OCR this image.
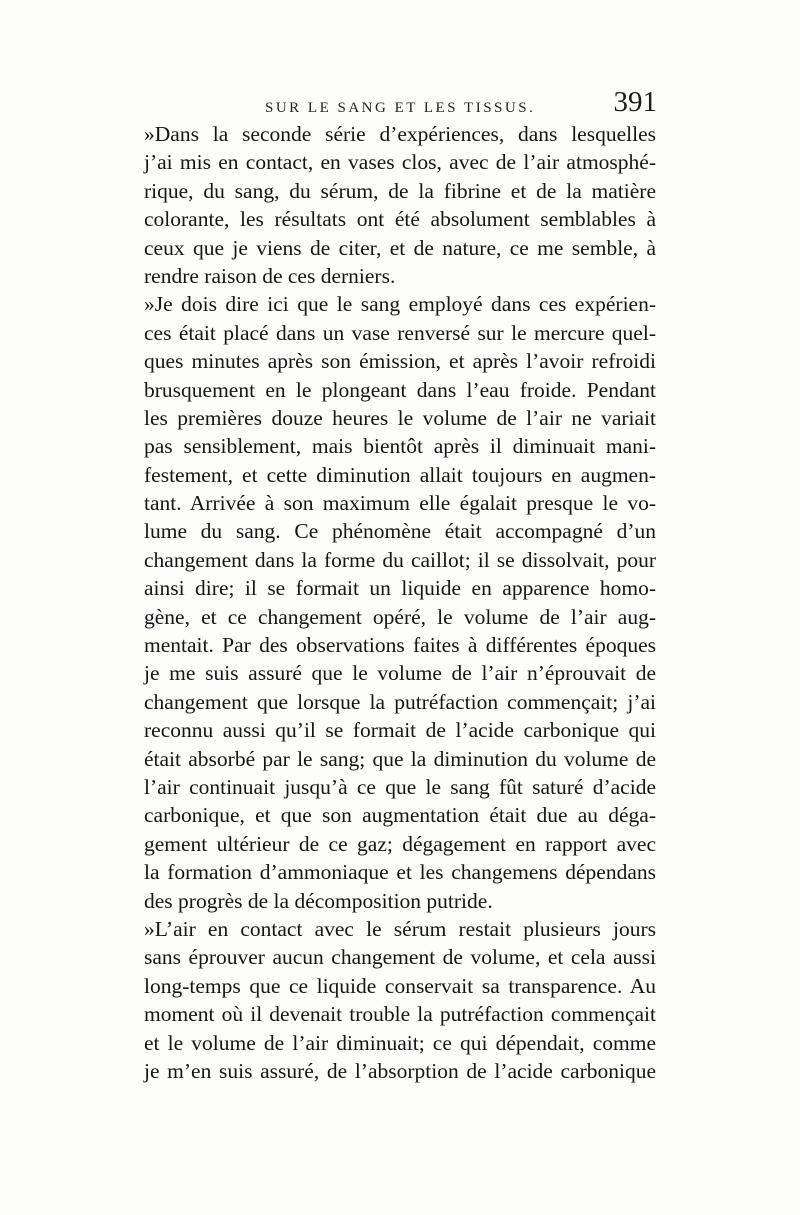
SUR LE SANG ET LES TISSUS.	391
»Dans la seconde série d’expériences, dans lesquelles
j’ai mis en contact, en vases clos, avec de l’air atmosphé-
rique, du sang, du sérum, de la fibrine et de la matière
colorante, les résultats ont été absolument semblables à
ceux que je viens de citer, et de nature, ce me semble, à
rendre raison de ces derniers.
»Je dois dire ici que le sang employé dans ces expérien-
ces était placé dans un vase renversé sur le mercure quel-
ques minutes après son émission, et après l’avoir refroidi
brusquement en le plongeant dans l’eau froide. Pendant
les premières douze heures le volume de l’air ne variait
pas sensiblement, mais bientôt après il diminuait mani-
festement, et cette diminution allait toujours en augmen-
tant. Arrivée à son maximum elle égalait presque le vo-
lume du sang. Ce phénomène était accompagné d’un
changement dans la forme du caillot; il se dissolvait, pour
ainsi dire; il se formait un liquide en apparence homo-
gène, et ce changement opéré, le volume de l’air aug-
mentait. Par des observations faites à différentes époques
je me suis assuré que le volume de l’air n’éprouvait de
changement que lorsque la putréfaction commençait; j’ai
reconnu aussi qu’il se formait de l’acide carbonique qui
était absorbé par le sang; que la diminution du volume de
l’air continuait jusqu’à ce que le sang fût saturé d’acide
carbonique, et que son augmentation était due au déga-
gement ultérieur de ce gaz; dégagement en rapport avec
la formation d’ammoniaque et les changemens dépendans
des progrès de la décomposition putride.
»L’air en contact avec le sérum restait plusieurs jours
sans éprouver aucun changement de volume, et cela aussi
long-temps que ce liquide conservait sa transparence. Au
moment où il devenait trouble la putréfaction commençait
et le volume de l’air diminuait; ce qui dépendait, comme
je m’en suis assuré, de l’absorption de l’acide carbonique
